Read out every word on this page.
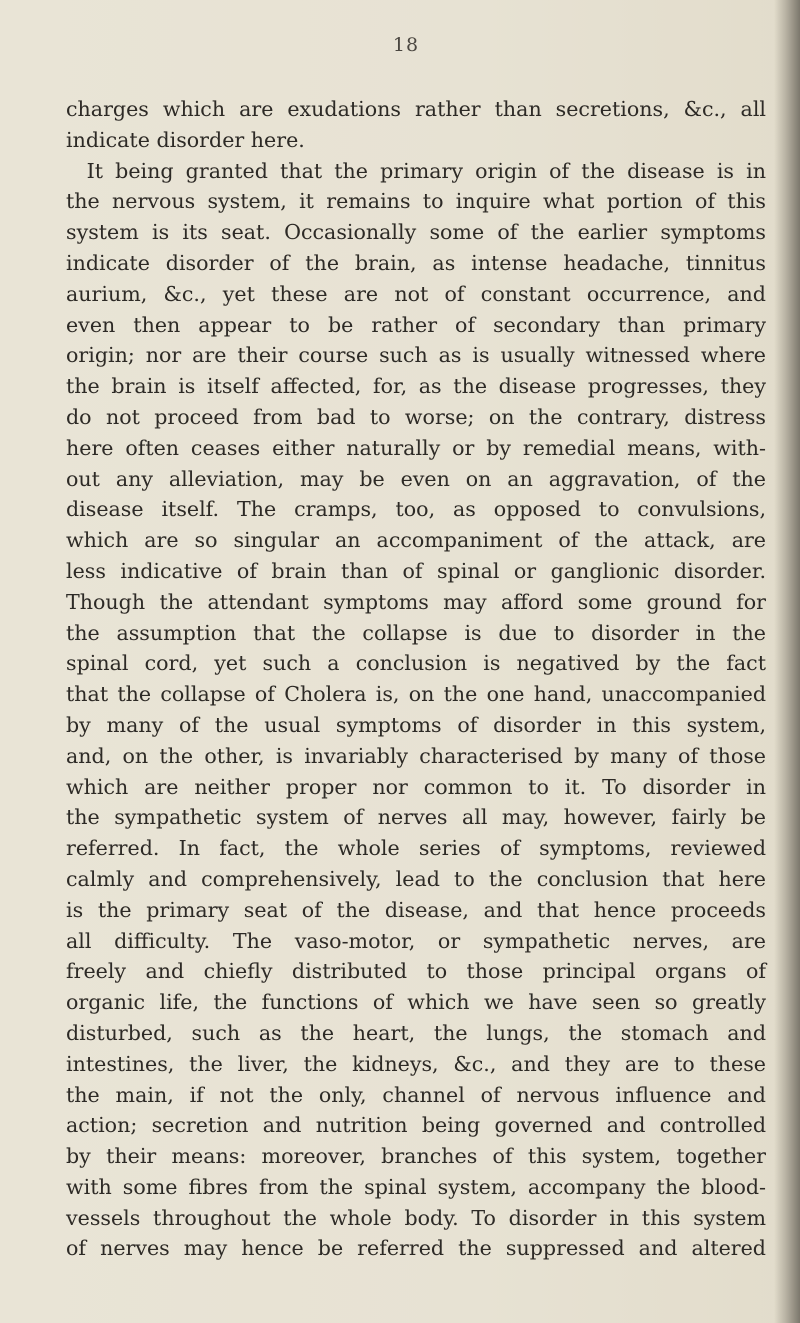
18
charges which are exudations rather than secretions, &c., all
indicate disorder here.
It being granted that the primary origin of the disease is in
the nervous system, it remains to inquire what portion of this
system is its seat. Occasionally some of the earlier symptoms
indicate disorder of the brain, as intense headache, tinnitus
aurium, &c., yet these are not of constant occurrence, and
even then appear to be rather of secondary than primary
origin; nor are their course such as is usually witnessed where
the brain is itself affected, for, as the disease progresses, they
do not proceed from bad to worse; on the contrary, distress
here often ceases either naturally or by remedial means, with-
out any alleviation, may be even on an aggravation, of the
disease itself. The cramps, too, as opposed to convulsions,
which are so singular an accompaniment of the attack, are
less indicative of brain than of spinal or ganglionic disorder.
Though the attendant symptoms may afford some ground for
the assumption that the collapse is due to disorder in the
spinal cord, yet such a conclusion is negatived by the fact
that the collapse of Cholera is, on the one hand, unaccompanied
by many of the usual symptoms of disorder in this system,
and, on the other, is invariably characterised by many of those
which are neither proper nor common to it. To disorder in
the sympathetic system of nerves all may, however, fairly be
referred. In fact, the whole series of symptoms, reviewed
calmly and comprehensively, lead to the conclusion that here
is the primary seat of the disease, and that hence proceeds
all difficulty. The vaso-motor, or sympathetic nerves, are
freely and chiefly distributed to those principal organs of
organic life, the functions of which we have seen so greatly
disturbed, such as the heart, the lungs, the stomach and
intestines, the liver, the kidneys, &c., and they are to these
the main, if not the only, channel of nervous influence and
action; secretion and nutrition being governed and controlled
by their means: moreover, branches of this system, together
with some fibres from the spinal system, accompany the blood-
vessels throughout the whole body. To disorder in this system
of nerves may hence be referred the suppressed and altered
